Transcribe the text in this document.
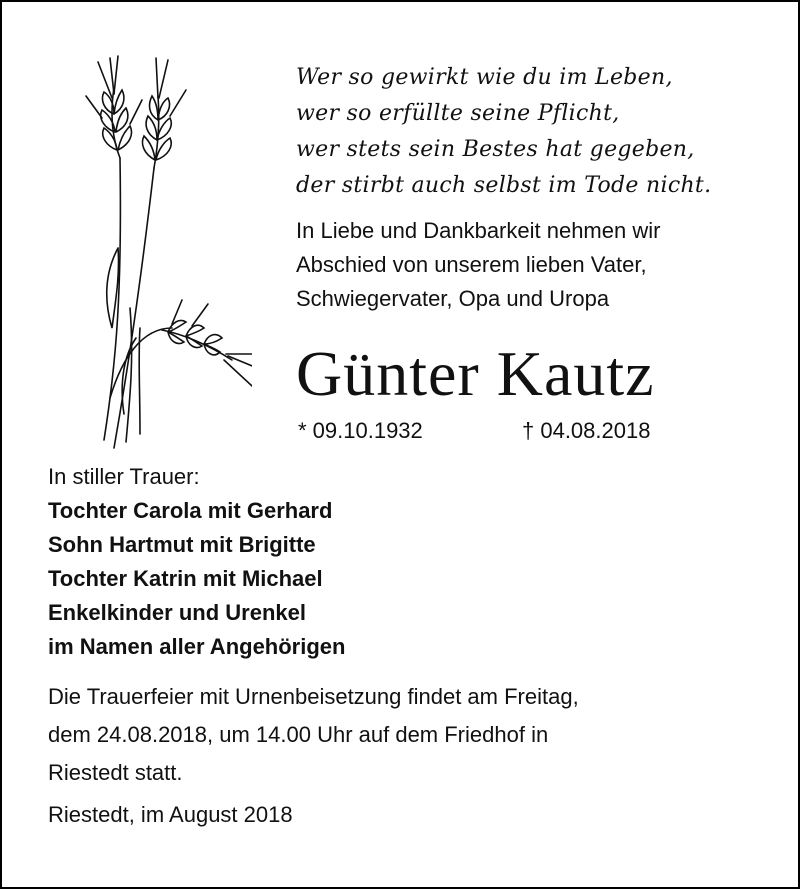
Wer so gewirkt wie du im Leben,
wer so erfüllte seine Pflicht,
wer stets sein Bestes hat gegeben,
der stirbt auch selbst im Tode nicht.
In Liebe und Dankbarkeit nehmen wir
Abschied von unserem lieben Vater,
Schwiegervater, Opa und Uropa
Günter Kautz
* 09.10.1932	† 04.08.2018
In stiller Trauer:
Tochter Carola mit Gerhard
Sohn Hartmut mit Brigitte
Tochter Katrin mit Michael
Enkelkinder und Urenkel
im Namen aller Angehörigen
Die Trauerfeier mit Urnenbeisetzung findet am Freitag,
dem 24.08.2018, um 14.00 Uhr auf dem Friedhof in
Riestedt statt.
Riestedt, im August 2018
